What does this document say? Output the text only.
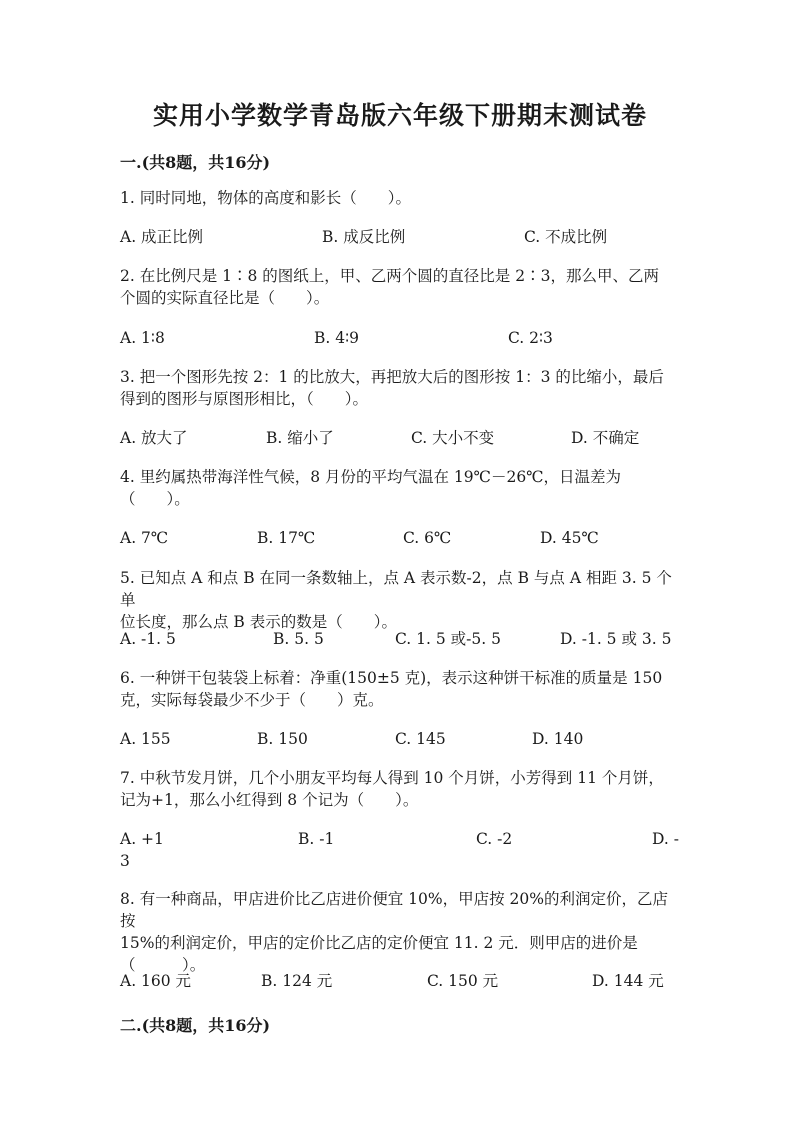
实用小学数学青岛版六年级下册期末测试卷
一.(共8题，共16分)
1. 同时同地，物体的高度和影长（　　）。
A. 成正比例	B. 成反比例	C. 不成比例
2. 在比例尺是 1∶8 的图纸上，甲、乙两个圆的直径比是 2∶3，那么甲、乙两
个圆的实际直径比是（　　）。
A. 1∶8	B. 4∶9	C. 2∶3
3. 把一个图形先按 2：1 的比放大，再把放大后的图形按 1：3 的比缩小，最后
得到的图形与原图形相比，（　　）。
A. 放大了	B. 缩小了	C. 大小不变	D. 不确定
4. 里约属热带海洋性气候，8 月份的平均气温在 19℃－26℃，日温差为
（　　）。
A. 7℃	B. 17℃	C. 6℃	D. 45℃
5. 已知点 A 和点 B 在同一条数轴上，点 A 表示数-2，点 B 与点 A 相距 3. 5 个单
位长度，那么点 B 表示的数是（　　）。
A. -1. 5	B. 5. 5	C. 1. 5 或-5. 5	D. -1. 5 或 3. 5
6. 一种饼干包装袋上标着：净重(150±5 克)，表示这种饼干标准的质量是 150
克，实际每袋最少不少于（　　）克。
A. 155	B. 150	C. 145	D. 140
7. 中秋节发月饼，几个小朋友平均每人得到 10 个月饼，小芳得到 11 个月饼，
记为+1，那么小红得到 8 个记为（　　）。
A. +1	B. -1	C. -2	D. -
3
8. 有一种商品，甲店进价比乙店进价便宜 10%，甲店按 20%的利润定价，乙店按
15%的利润定价，甲店的定价比乙店的定价便宜 11. 2 元．则甲店的进价是
（　　　）。
A. 160 元	B. 124 元	C. 150 元	D. 144 元
二.(共8题，共16分)
